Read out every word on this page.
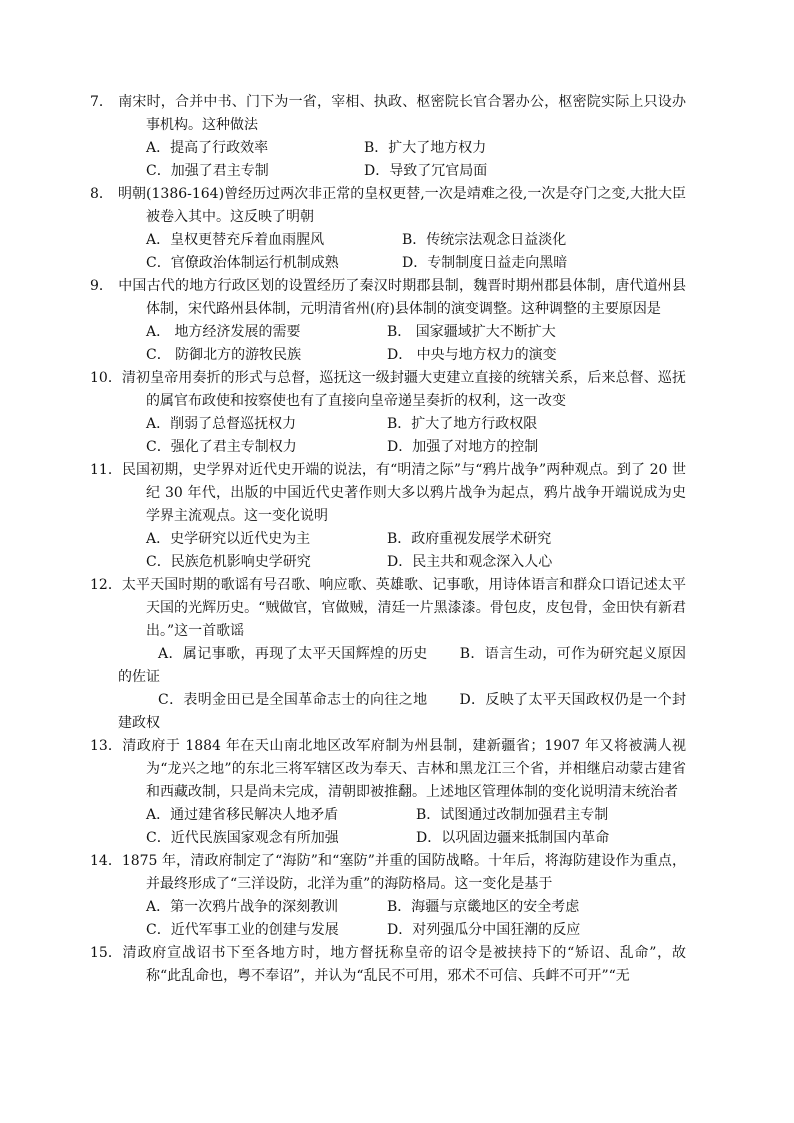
7． 南宋时，合并中书、门下为一省，宰相、执政、枢密院长官合署办公，枢密院实际上只设办事机构。这种做法

A．提高了行政效率	B．扩大了地方权力
C．加强了君主专制	D．导致了冗官局面

8． 明朝(1386-164)曾经历过两次非正常的皇权更替,一次是靖难之役,一次是夺门之变,大批大臣被卷入其中。这反映了明朝

A．皇权更替充斥着血雨腥风	B．传统宗法观念日益淡化
C．官僚政治体制运行机制成熟	D．专制制度日益走向黑暗

9． 中国古代的地方行政区划的设置经历了秦汉时期郡县制，魏晋时期州郡县体制，唐代道州县体制，宋代路州县体制，元明清省州(府)县体制的演变调整。这种调整的主要原因是

A． 地方经济发展的需要	B． 国家疆域扩大不断扩大
C． 防御北方的游牧民族	D． 中央与地方权力的演变

10．清初皇帝用奏折的形式与总督，巡抚这一级封疆大吏建立直接的统辖关系，后来总督、巡抚的属官布政使和按察使也有了直接向皇帝递呈奏折的权利，这一改变

A．削弱了总督巡抚权力	B．扩大了地方行政权限
C．强化了君主专制权力	D．加强了对地方的控制

11．民国初期，史学界对近代史开端的说法，有“明清之际”与“鸦片战争”两种观点。到了 20 世纪 30 年代，出版的中国近代史著作则大多以鸦片战争为起点，鸦片战争开端说成为史学界主流观点。这一变化说明

A．史学研究以近代史为主	B．政府重视发展学术研究
C．民族危机影响史学研究	D．民主共和观念深入人心

12．太平天国时期的歌谣有号召歌、响应歌、英雄歌、记事歌，用诗体语言和群众口语记述太平天国的光辉历史。“贼做官，官做贼，清廷一片黑漆漆。骨包皮，皮包骨，金田快有新君出。”这一首歌谣

A．属记事歌，再现了太平天国辉煌的历史 B．语言生动，可作为研究起义原因的佐证

C．表明金田已是全国革命志士的向往之地 D．反映了太平天国政权仍是一个封建政权

13．清政府于 1884 年在天山南北地区改军府制为州县制，建新疆省；1907 年又将被满人视为“龙兴之地”的东北三将军辖区改为奉天、吉林和黑龙江三个省，并相继启动蒙古建省和西藏改制，只是尚未完成，清朝即被推翻。上述地区管理体制的变化说明清末统治者

A．通过建省移民解决人地矛盾	B．试图通过改制加强君主专制
C．近代民族国家观念有所加强	D．以巩固边疆来抵制国内革命

14．1875 年，清政府制定了“海防”和“塞防”并重的国防战略。十年后，将海防建设作为重点，并最终形成了“三洋设防，北洋为重”的海防格局。这一变化是基于

A．第一次鸦片战争的深刻教训	B．海疆与京畿地区的安全考虑
C．近代军事工业的创建与发展	D．对列强瓜分中国狂潮的反应

15．清政府宣战诏书下至各地方时，地方督抚称皇帝的诏令是被挟持下的“矫诏、乱命”，故称“此乱命也，粤不奉诏”，并认为“乱民不可用，邪术不可信、兵衅不可开”“无
